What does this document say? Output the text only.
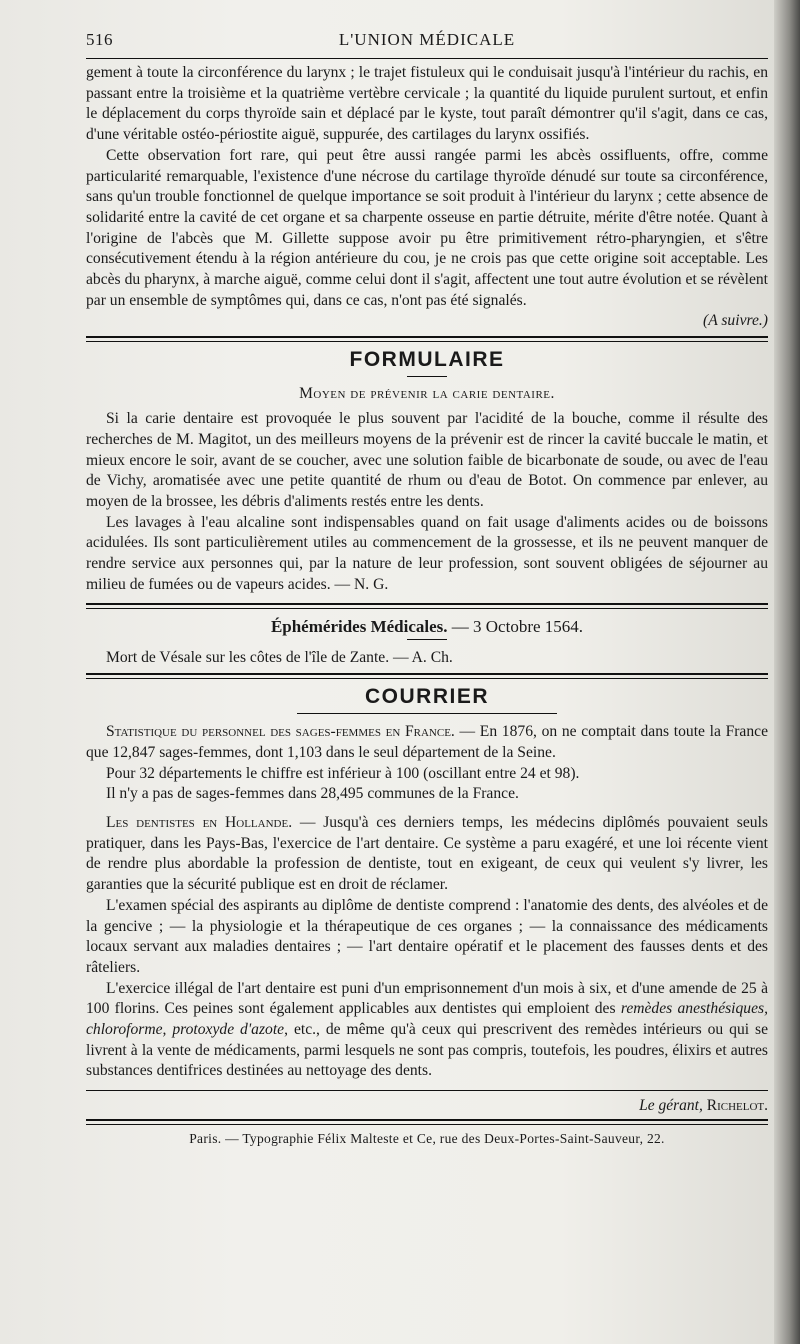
516	L'UNION MÉDICALE

gement à toute la circonférence du larynx ; le trajet fistuleux qui le conduisait jusqu'à l'intérieur du rachis, en passant entre la troisième et la quatrième vertèbre cervicale ; la quantité du liquide purulent surtout, et enfin le déplacement du corps thyroïde sain et déplacé par le kyste, tout paraît démontrer qu'il s'agit, dans ce cas, d'une véritable ostéo-périostite aiguë, suppurée, des cartilages du larynx ossifiés.

Cette observation fort rare, qui peut être aussi rangée parmi les abcès ossifluents, offre, comme particularité remarquable, l'existence d'une nécrose du cartilage thyroïde dénudé sur toute sa circonférence, sans qu'un trouble fonctionnel de quelque importance se soit produit à l'intérieur du larynx ; cette absence de solidarité entre la cavité de cet organe et sa charpente osseuse en partie détruite, mérite d'être notée. Quant à l'origine de l'abcès que M. Gillette suppose avoir pu être primitivement rétro-pharyngien, et s'être consécutivement étendu à la région antérieure du cou, je ne crois pas que cette origine soit acceptable. Les abcès du pharynx, à marche aiguë, comme celui dont il s'agit, affectent une tout autre évolution et se révèlent par un ensemble de symptômes qui, dans ce cas, n'ont pas été signalés.

(A suivre.)

FORMULAIRE
Moyen de prévenir la carie dentaire.

Si la carie dentaire est provoquée le plus souvent par l'acidité de la bouche, comme il résulte des recherches de M. Magitot, un des meilleurs moyens de la prévenir est de rincer la cavité buccale le matin, et mieux encore le soir, avant de se coucher, avec une solution faible de bicarbonate de soude, ou avec de l'eau de Vichy, aromatisée avec une petite quantité de rhum ou d'eau de Botot. On commence par enlever, au moyen de la brossee, les débris d'aliments restés entre les dents.

Les lavages à l'eau alcaline sont indispensables quand on fait usage d'aliments acides ou de boissons acidulées. Ils sont particulièrement utiles au commencement de la grossesse, et ils ne peuvent manquer de rendre service aux personnes qui, par la nature de leur profession, sont souvent obligées de séjourner au milieu de fumées ou de vapeurs acides. — N. G.

Éphémérides Médicales. — 3 Octobre 1564.

Mort de Vésale sur les côtes de l'île de Zante. — A. Ch.

COURRIER

Statistique du personnel des sages-femmes en France. — En 1876, on ne comptait dans toute la France que 12,847 sages-femmes, dont 1,103 dans le seul département de la Seine.

Pour 32 départements le chiffre est inférieur à 100 (oscillant entre 24 et 98).

Il n'y a pas de sages-femmes dans 28,495 communes de la France.

Les dentistes en Hollande. — Jusqu'à ces derniers temps, les médecins diplômés pouvaient seuls pratiquer, dans les Pays-Bas, l'exercice de l'art dentaire. Ce système a paru exagéré, et une loi récente vient de rendre plus abordable la profession de dentiste, tout en exigeant, de ceux qui veulent s'y livrer, les garanties que la sécurité publique est en droit de réclamer.

L'examen spécial des aspirants au diplôme de dentiste comprend : l'anatomie des dents, des alvéoles et de la gencive ; — la physiologie et la thérapeutique de ces organes ; — la connaissance des médicaments locaux servant aux maladies dentaires ; — l'art dentaire opératif et le placement des fausses dents et des râteliers.

L'exercice illégal de l'art dentaire est puni d'un emprisonnement d'un mois à six, et d'une amende de 25 à 100 florins. Ces peines sont également applicables aux dentistes qui emploient des remèdes anesthésiques, chloroforme, protoxyde d'azote, etc., de même qu'à ceux qui prescrivent des remèdes intérieurs ou qui se livrent à la vente de médicaments, parmi lesquels ne sont pas compris, toutefois, les poudres, élixirs et autres substances dentifrices destinées au nettoyage des dents.

Le gérant, Richelot.
Paris. — Typographie Félix Malteste et Ce, rue des Deux-Portes-Saint-Sauveur, 22.
